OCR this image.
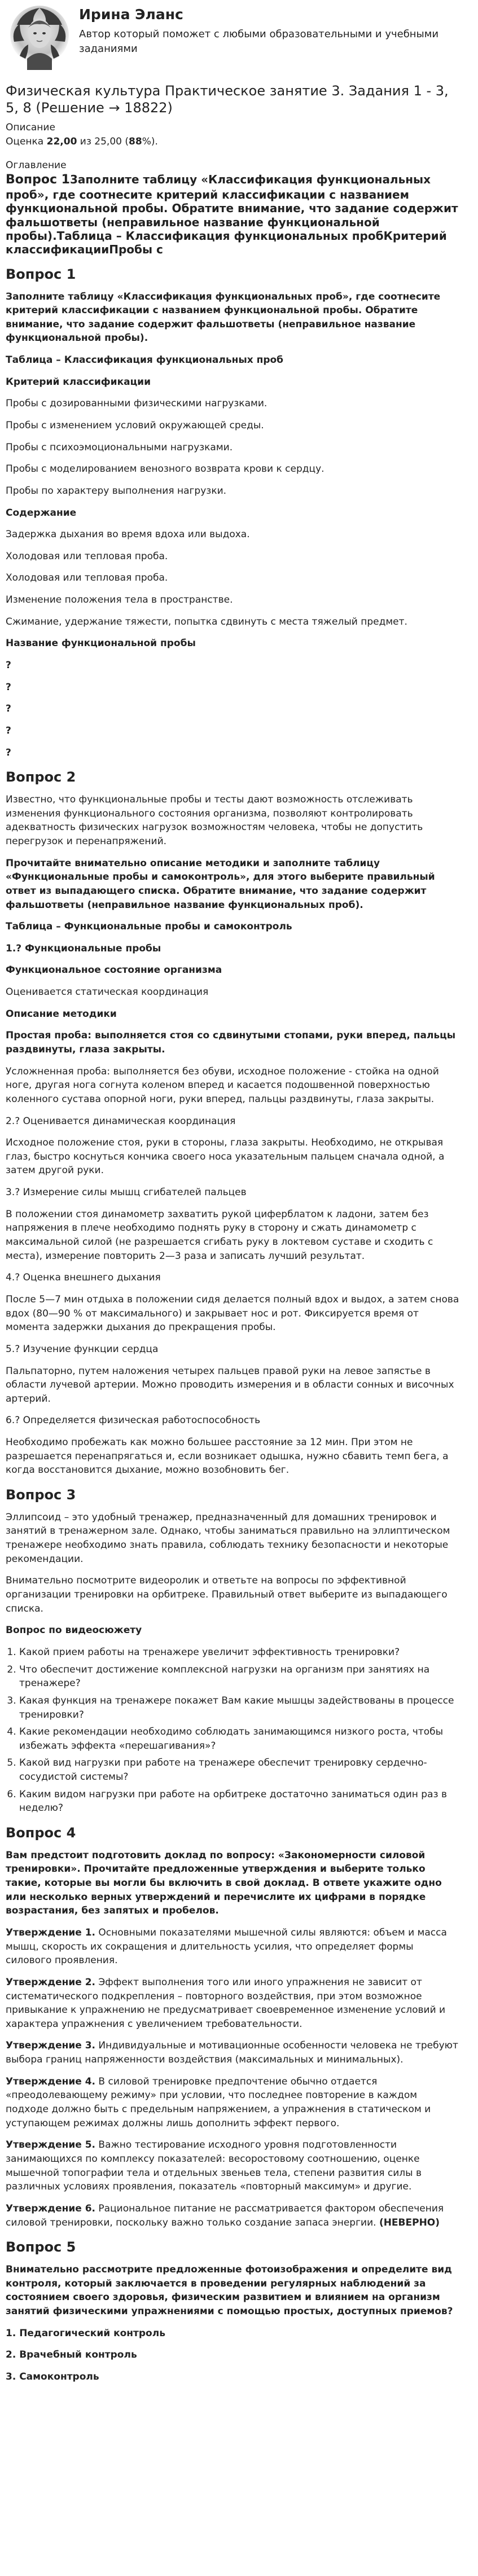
Ирина Эланс

Автор который поможет с любыми образовательными и учебными заданиями

Физическая культура Практическое занятие 3. Задания 1 - 3, 5, 8 (Решение → 18822)

Описание

Оценка 22,00 из 25,00 (88%).

Оглавление

Вопрос 13аполните таблицу «Классификация функциональных проб», где соотнесите критерий классификации с названием функциональной пробы. Обратите внимание, что задание содержит фальшответы (неправильное название функциональной пробы).Таблица – Классификация функциональных пробКритерий классификацииПробы с

Вопрос 1

Заполните таблицу «Классификация функциональных проб», где соотнесите критерий классификации с названием функциональной пробы. Обратите внимание, что задание содержит фальшответы (неправильное название функциональной пробы).

Таблица – Классификация функциональных проб

Критерий классификации

Пробы с дозированными физическими нагрузками.

Пробы с изменением условий окружающей среды.

Пробы с психоэмоциональными нагрузками.

Пробы с моделированием венозного возврата крови к сердцу.

Пробы по характеру выполнения нагрузки.

Содержание

Задержка дыхания во время вдоха или выдоха.

Холодовая или тепловая проба.

Холодовая или тепловая проба.

Изменение положения тела в пространстве.

Сжимание, удержание тяжести, попытка сдвинуть с места тяжелый предмет.

Название функциональной пробы

?

?

?

?

?

Вопрос 2

Известно, что функциональные пробы и тесты дают возможность отслеживать изменения функционального состояния организма, позволяют контролировать адекватность физических нагрузок возможностям человека, чтобы не допустить перегрузок и перенапряжений.

Прочитайте внимательно описание методики и заполните таблицу «Функциональные пробы и самоконтроль», для этого выберите правильный ответ из выпадающего списка. Обратите внимание, что задание содержит фальшответы (неправильное название функциональных проб).

Таблица – Функциональные пробы и самоконтроль

1.? Функциональные пробы

Функциональное состояние организма

Оценивается статическая координация

Описание методики

Простая проба: выполняется стоя со сдвинутыми стопами, руки вперед, пальцы раздвинуты, глаза закрыты.

Усложненная проба: выполняется без обуви, исходное положение - стойка на одной ноге, другая нога согнута коленом вперед и касается подошвенной поверхностью коленного сустава опорной ноги, руки вперед, пальцы раздвинуты, глаза закрыты.

2.? Оценивается динамическая координация

Исходное положение стоя, руки в стороны, глаза закрыты. Необходимо, не открывая глаз, быстро коснуться кончика своего носа указательным пальцем сначала одной, а затем другой руки.

3.? Измерение силы мышц сгибателей пальцев

В положении стоя динамометр захватить рукой циферблатом к ладони, затем без напряжения в плече необходимо поднять руку в сторону и сжать динамометр с максимальной силой (не разрешается сгибать руку в локтевом суставе и сходить с места), измерение повторить 2—3 раза и записать лучший результат.

4.? Оценка внешнего дыхания

После 5—7 мин отдыха в положении сидя делается полный вдох и выдох, а затем снова вдох (80—90 % от максимального) и закрывает нос и рот. Фиксируется время от момента задержки дыхания до прекращения пробы.

5.? Изучение функции сердца

Пальпаторно, путем наложения четырех пальцев правой руки на левое запястье в области лучевой артерии. Можно проводить измерения и в области сонных и височных артерий.

6.? Определяется физическая работоспособность

Необходимо пробежать как можно большее расстояние за 12 мин. При этом не разрешается перенапрягаться и, если возникает одышка, нужно сбавить темп бега, а когда восстановится дыхание, можно возобновить бег.

Вопрос 3

Эллипсоид – это удобный тренажер, предназначенный для домашних тренировок и занятий в тренажерном зале. Однако, чтобы заниматься правильно на эллиптическом тренажере необходимо знать правила, соблюдать технику безопасности и некоторые рекомендации.

Внимательно посмотрите видеоролик и ответьте на вопросы по эффективной организации тренировки на орбитреке. Правильный ответ выберите из выпадающего списка.

Вопрос по видеосюжету

1. Какой прием работы на тренажере увеличит эффективность тренировки?
2. Что обеспечит достижение комплексной нагрузки на организм при занятиях на тренажере?
3. Какая функция на тренажере покажет Вам какие мышцы задействованы в процессе тренировки?
4. Какие рекомендации необходимо соблюдать занимающимся низкого роста, чтобы избежать эффекта «перешагивания»?
5. Какой вид нагрузки при работе на тренажере обеспечит тренировку сердечно-сосудистой системы?
6. Каким видом нагрузки при работе на орбитреке достаточно заниматься один раз в неделю?
Вопрос 4

Вам предстоит подготовить доклад по вопросу: «Закономерности силовой тренировки». Прочитайте предложенные утверждения и выберите только такие, которые вы могли бы включить в свой доклад. В ответе укажите одно или несколько верных утверждений и перечислите их цифрами в порядке возрастания, без запятых и пробелов.

Утверждение 1. Основными показателями мышечной силы являются: объем и масса мышц, скорость их сокращения и длительность усилия, что определяет формы силового проявления.

Утверждение 2. Эффект выполнения того или иного упражнения не зависит от систематического подкрепления – повторного воздействия, при этом возможное привыкание к упражнению не предусматривает своевременное изменение условий и характера упражнения с увеличением требовательности.

Утверждение 3. Индивидуальные и мотивационные особенности человека не требуют выбора границ напряженности воздействия (максимальных и минимальных).

Утверждение 4. В силовой тренировке предпочтение обычно отдается «преодолевающему режиму» при условии, что последнее повторение в каждом подходе должно быть с предельным напряжением, а упражнения в статическом и уступающем режимах должны лишь дополнить эффект первого.

Утверждение 5. Важно тестирование исходного уровня подготовленности занимающихся по комплексу показателей: весоростовому соотношению, оценке мышечной топографии тела и отдельных звеньев тела, степени развития силы в различных условиях проявления, показатель «повторный максимум» и другие.

Утверждение 6. Рациональное питание не рассматривается фактором обеспечения силовой тренировки, поскольку важно только создание запаса энергии. (НЕВЕРНО)

Вопрос 5

Внимательно рассмотрите предложенные фотоизображения и определите вид контроля, который заключается в проведении регулярных наблюдений за состоянием своего здоровья, физическим развитием и влиянием на организм занятий физическими упражнениями с помощью простых, доступных приемов?

1. Педагогический контроль

2. Врачебный контроль

3. Самоконтроль
